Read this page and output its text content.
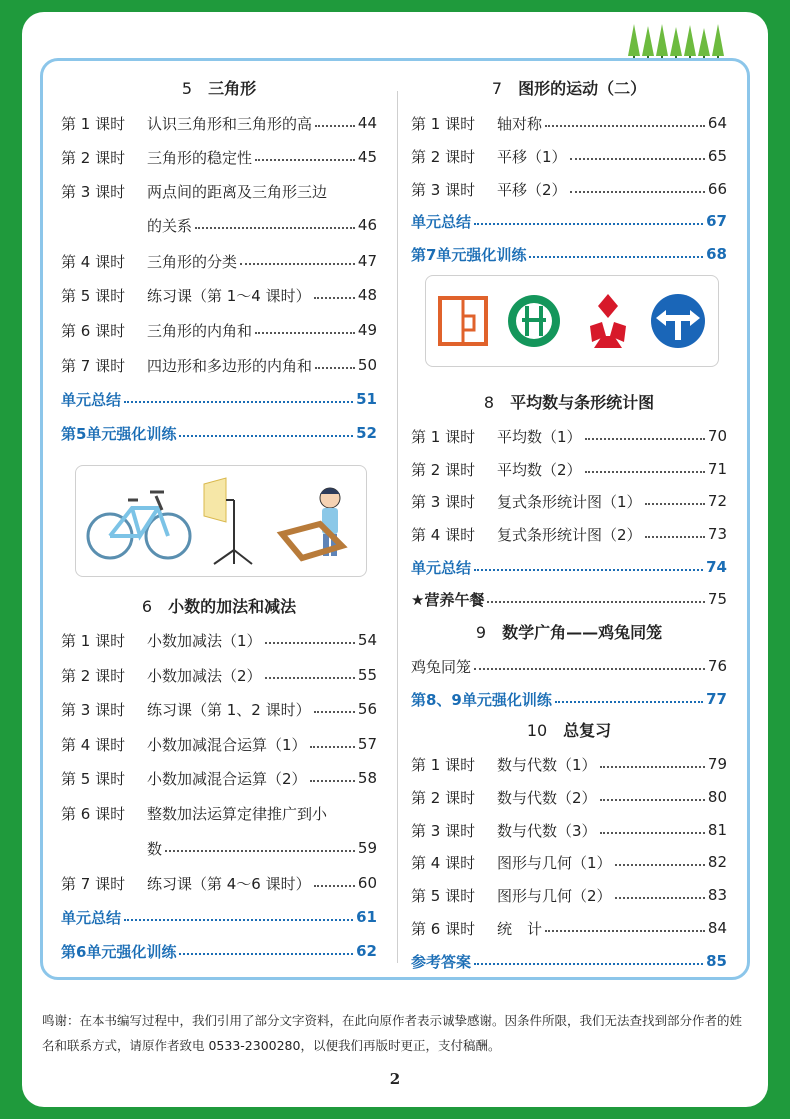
5 三角形
第 1 课时	认识三角形和三角形的高	44
第 2 课时	三角形的稳定性	45
第 3 课时	两点间的距离及三角形三边
的关系	46
第 4 课时	三角形的分类	47
第 5 课时	练习课（第 1～4 课时）	48
第 6 课时	三角形的内角和	49
第 7 课时	四边形和多边形的内角和	50
单元总结	51
第5单元强化训练	52
6 小数的加法和减法
第 1 课时	小数加减法（1）	54
第 2 课时	小数加减法（2）	55
第 3 课时	练习课（第 1、2 课时）	56
第 4 课时	小数加减混合运算（1）	57
第 5 课时	小数加减混合运算（2）	58
第 6 课时	整数加法运算定律推广到小
数	59
第 7 课时	练习课（第 4～6 课时）	60
单元总结	61
第6单元强化训练	62
7 图形的运动（二）
第 1 课时	轴对称	64
第 2 课时	平移（1）	65
第 3 课时	平移（2）	66
单元总结	67
第7单元强化训练	68
8 平均数与条形统计图
第 1 课时	平均数（1）	70
第 2 课时	平均数（2）	71
第 3 课时	复式条形统计图（1）	72
第 4 课时	复式条形统计图（2）	73
单元总结	74
★营养午餐	75
9 数学广角——鸡兔同笼
鸡兔同笼	76
第8、9单元强化训练	77
10 总复习
第 1 课时	数与代数（1）	79
第 2 课时	数与代数（2）	80
第 3 课时	数与代数（3）	81
第 4 课时	图形与几何（1）	82
第 5 课时	图形与几何（2）	83
第 6 课时	统　计	84
参考答案	85
鸣谢：在本书编写过程中，我们引用了部分文字资料，在此向原作者表示诚挚感谢。因条件所限，我们无法查找到部分作者的姓名和联系方式，请原作者致电 0533-2300280，以便我们再版时更正，支付稿酬。
2
